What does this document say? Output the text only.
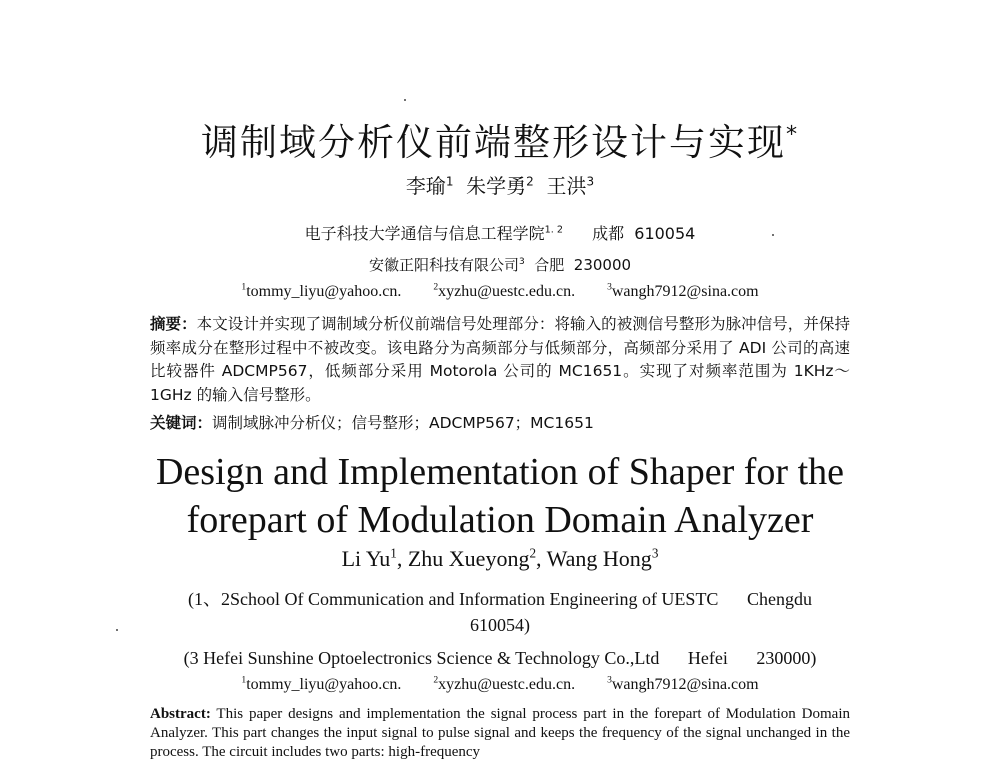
调制域分析仪前端整形设计与实现*
李瑜$^1$ 朱学勇$^2$ 王洪$^3$
电子科技大学通信与信息工程学院$^{1. 2}$ 成都 610054
安徽正阳科技有限公司$^3$ 合肥 230000
$^1$tommy_liyu@yahoo.cn.	$^2$xyzhu@uestc.edu.cn.	$^3$wangh7912@sina.com
摘要：本文设计并实现了调制域分析仪前端信号处理部分：将输入的被测信号整形为脉冲信号，并保持频率成分在整形过程中不被改变。该电路分为高频部分与低频部分，高频部分采用了 ADI 公司的高速比较器件 ADCMP567，低频部分采用 Motorola 公司的 MC1651。实现了对频率范围为 1KHz～1GHz 的输入信号整形。
关键词：调制域脉冲分析仪；信号整形；ADCMP567；MC1651
Design and Implementation of Shaper for the
forepart of Modulation Domain Analyzer
Li Yu$^1$, Zhu Xueyong$^2$, Wang Hong$^3$
(1、2School Of Communication and Information Engineering of UESTC Chengdu
610054)
(3 Hefei Sunshine Optoelectronics Science & Technology Co.,Ltd Hefei 230000)
$^1$tommy_liyu@yahoo.cn.	$^2$xyzhu@uestc.edu.cn.	$^3$wangh7912@sina.com
Abstract: This paper designs and implementation the signal process part in the forepart of Modulation Domain Analyzer. This part changes the input signal to pulse signal and keeps the frequency of the signal unchanged in the process. The circuit includes two parts: high-frequency
